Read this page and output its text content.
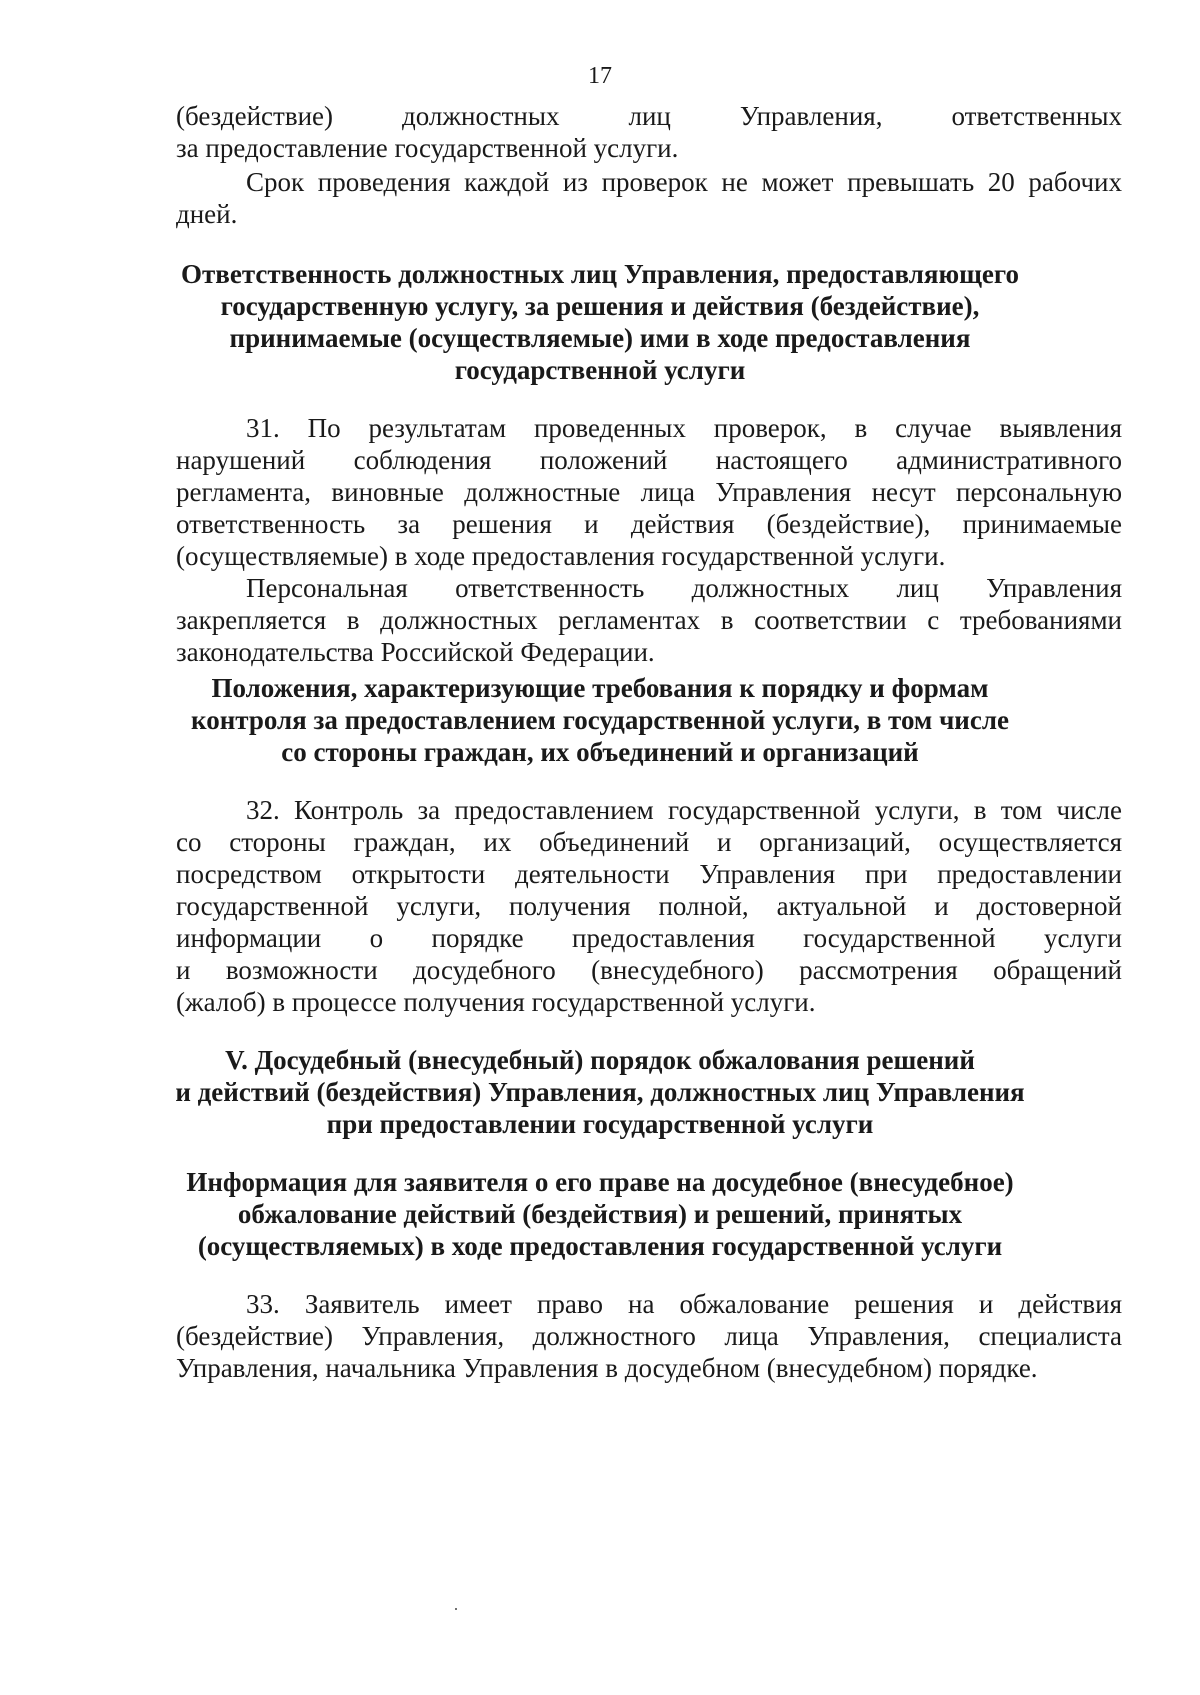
17
(бездействие) должностных лиц Управления, ответственных
за предоставление государственной услуги.
Срок проведения каждой из проверок не может превышать 20 рабочих
дней.
Ответственность должностных лиц Управления, предоставляющего
государственную услугу, за решения и действия (бездействие),
принимаемые (осуществляемые) ими в ходе предоставления
государственной услуги
31. По результатам проведенных проверок, в случае выявления
нарушений соблюдения положений настоящего административного
регламента, виновные должностные лица Управления несут персональную
ответственность за решения и действия (бездействие), принимаемые
(осуществляемые) в ходе предоставления государственной услуги.
Персональная ответственность должностных лиц Управления
закрепляется в должностных регламентах в соответствии с требованиями
законодательства Российской Федерации.
Положения, характеризующие требования к порядку и формам
контроля за предоставлением государственной услуги, в том числе
со стороны граждан, их объединений и организаций
32. Контроль за предоставлением государственной услуги, в том числе
со стороны граждан, их объединений и организаций, осуществляется
посредством открытости деятельности Управления при предоставлении
государственной услуги, получения полной, актуальной и достоверной
информации о порядке предоставления государственной услуги
и возможности досудебного (внесудебного) рассмотрения обращений
(жалоб) в процессе получения государственной услуги.
V. Досудебный (внесудебный) порядок обжалования решений
и действий (бездействия) Управления, должностных лиц Управления
при предоставлении государственной услуги
Информация для заявителя о его праве на досудебное (внесудебное)
обжалование действий (бездействия) и решений, принятых
(осуществляемых) в ходе предоставления государственной услуги
33. Заявитель имеет право на обжалование решения и действия
(бездействие) Управления, должностного лица Управления, специалиста
Управления, начальника Управления в досудебном (внесудебном) порядке.
